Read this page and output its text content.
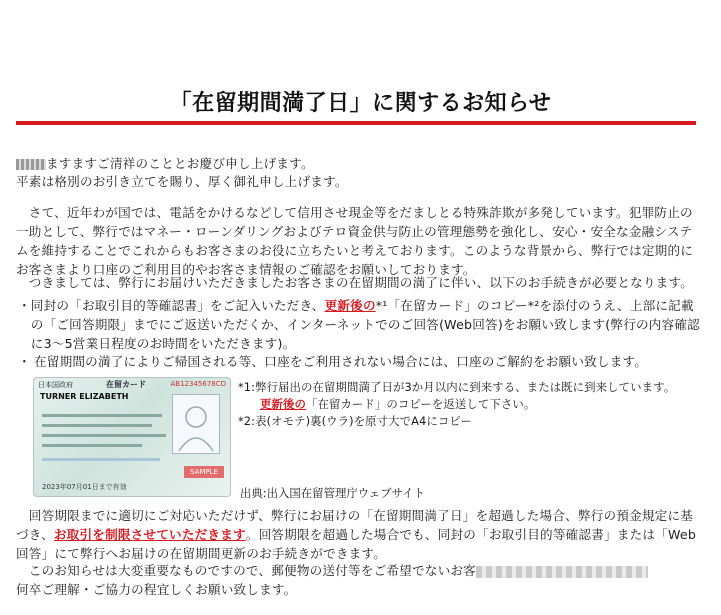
「在留期間満了日」に関するお知らせ
ますますご清祥のこととお慶び申し上げます。
平素は格別のお引き立てを賜り、厚く御礼申し上げます。
　さて、近年わが国では、電話をかけるなどして信用させ現金等をだましとる特殊詐欺が多発しています。犯罪防止の一助として、弊行ではマネー・ローンダリングおよびテロ資金供与防止の管理態勢を強化し、安心・安全な金融システムを維持することでこれからもお客さまのお役に立ちたいと考えております。このような背景から、弊行では定期的にお客さまより口座のご利用目的やお客さま情報のご確認をお願いしております。
　つきましては、弊行にお届けいただきましたお客さまの在留期間の満了に伴い、以下のお手続きが必要となります。
・ 同封の「お取引目的等確認書」をご記入いただき、更新後の*¹「在留カード」のコピー*²を添付のうえ、上部に記載の「ご回答期限」までにご返送いただくか、インターネットでのご回答(Web回答)をお願い致します(弊行の内容確認に3～5営業日程度のお時間をいただきます)。
・ 在留期間の満了によりご帰国される等、口座をご利用されない場合には、口座のご解約をお願い致します。
日本国政府	在留カード	AB12345678CD
TURNER ELIZABETH
SAMPLE
2023年07月01日まで有効
*1:弊行届出の在留期間満了日が3か月以内に到来する、または既に到来しています。
更新後の「在留カード」のコピーを返送して下さい。
*2:表(オモテ)裏(ウラ)を原寸大でA4にコピー
出典:出入国在留管理庁ウェブサイト
　回答期限までに適切にご対応いただけず、弊行にお届けの「在留期間満了日」を超過した場合、弊行の預金規定に基づき、お取引を制限させていただきます。回答期限を超過した場合でも、同封の「お取引目的等確認書」または「Web回答」にて弊行へお届けの在留期間更新のお手続きができます。
　このお知らせは大変重要なものですので、郵便物の送付等をご希望でないお客
何卒ご理解・ご協力の程宜しくお願い致します。
